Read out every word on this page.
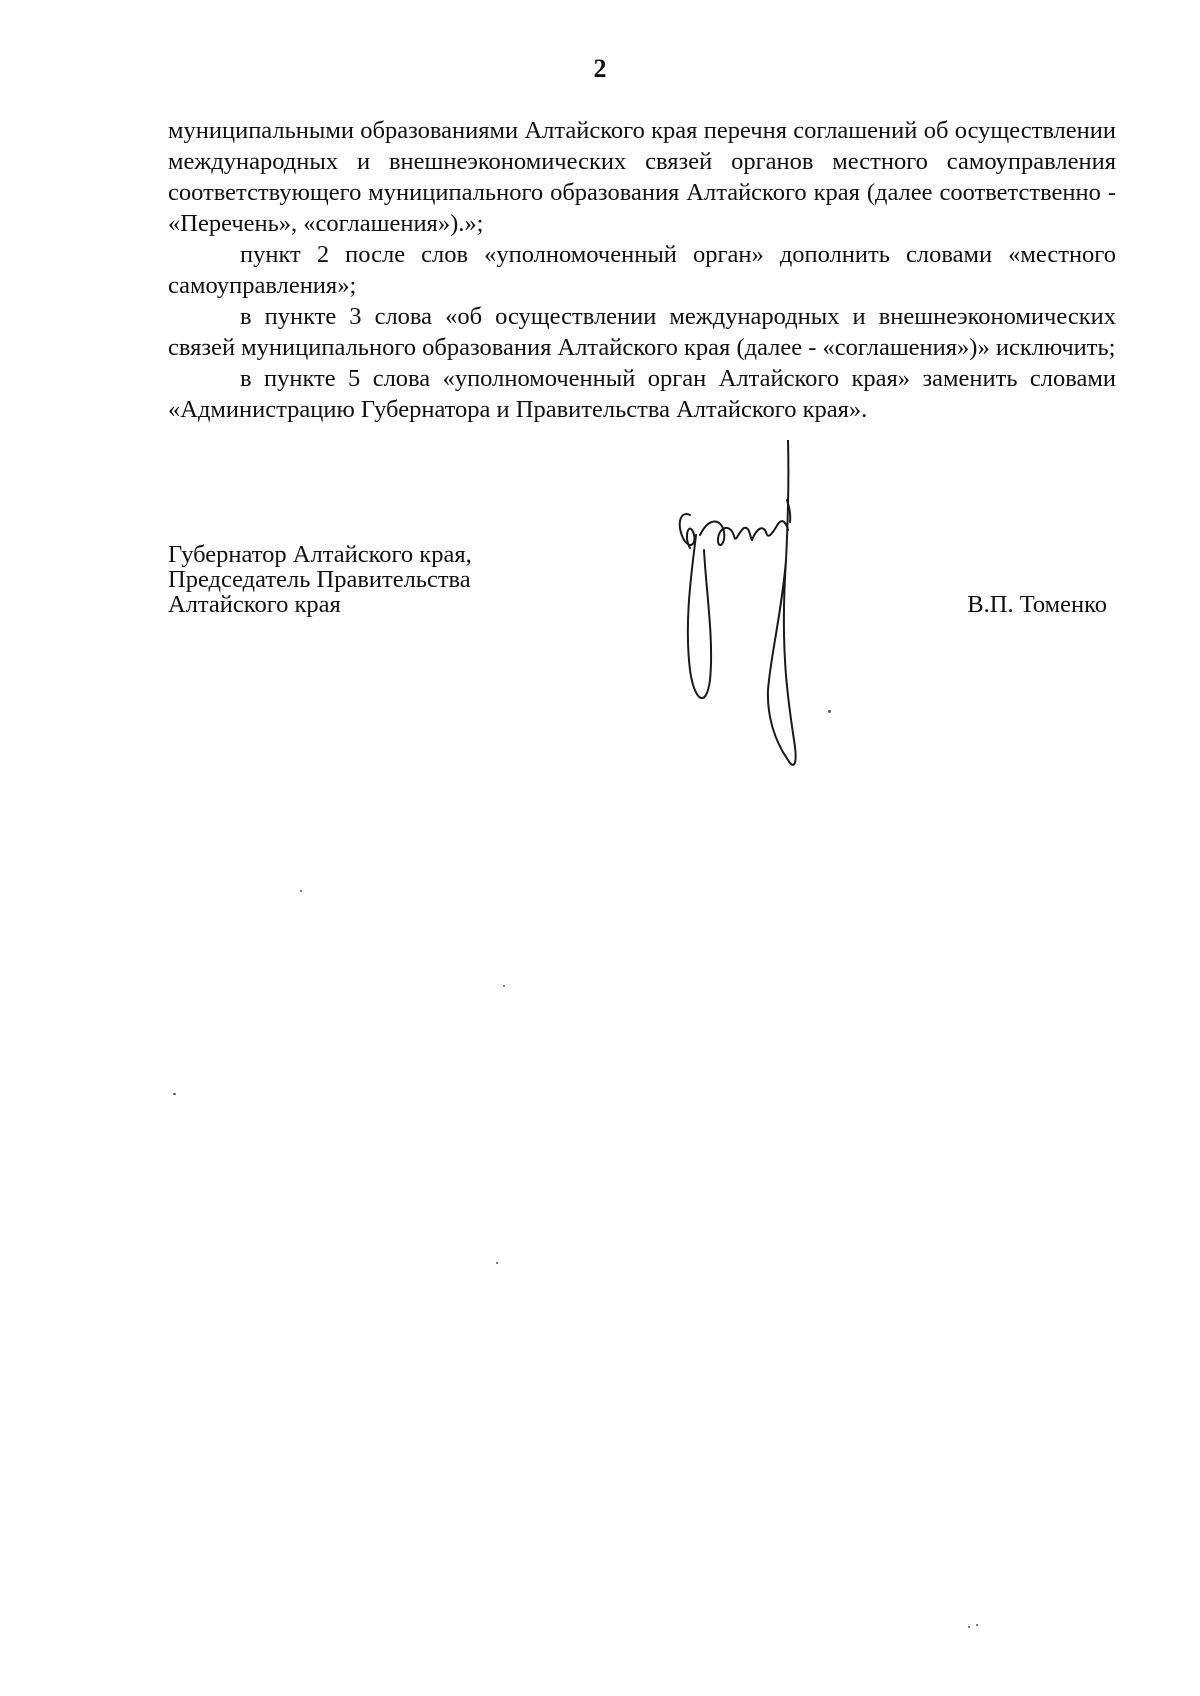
2

муниципальными образованиями Алтайского края перечня соглашений об осуществлении международных и внешнеэкономических связей органов местного самоуправления соответствующего муниципального образования Алтайского края (далее соответственно - «Перечень», «соглашения»).»;

пункт 2 после слов «уполномоченный орган» дополнить словами «местного самоуправления»;

в пункте 3 слова «об осуществлении международных и внешнеэкономических связей муниципального образования Алтайского края (далее - «соглашения»)» исключить;

в пункте 5 слова «уполномоченный орган Алтайского края» заменить словами «Администрацию Губернатора и Правительства Алтайского края».

Губернатор Алтайского края,
Председатель Правительства
Алтайского края	В.П. Томенко
